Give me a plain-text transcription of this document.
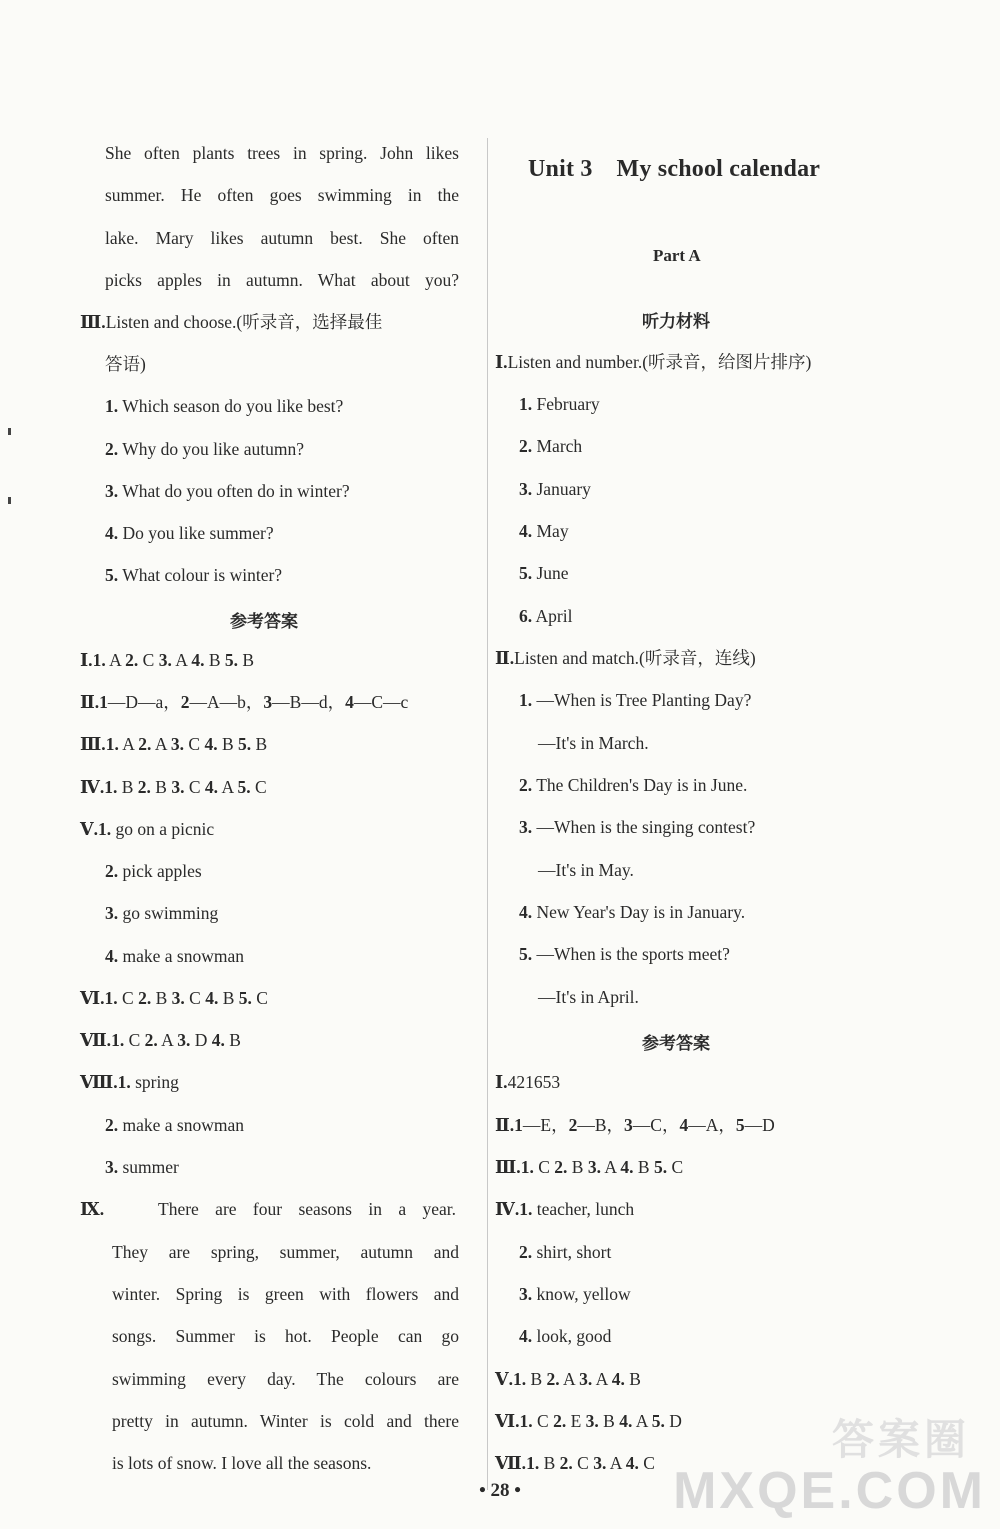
She often plants trees in spring. John likes
summer. He often goes swimming in the
lake. Mary likes autumn best. She often
picks apples in autumn. What about you?
Ⅲ.Listen and choose.(听录音，选择最佳
答语)
1. Which season do you like best?
2. Why do you like autumn?
3. What do you often do in winter?
4. Do you like summer?
5. What colour is winter?
参考答案
Ⅰ.1. A 2. C 3. A 4. B 5. B
Ⅱ.1—D—a，2—A—b，3—B—d，4—C—c
Ⅲ.1. A 2. A 3. C 4. B 5. B
Ⅳ.1. B 2. B 3. C 4. A 5. C
Ⅴ.1. go on a picnic
2. pick apples
3. go swimming
4. make a snowman
Ⅵ.1. C 2. B 3. C 4. B 5. C
Ⅶ.1. C 2. A 3. D 4. B
Ⅷ.1. spring
2. make a snowman
3. summer
Ⅸ.	There are four seasons in a year.
They are spring, summer, autumn and
winter. Spring is green with flowers and
songs. Summer is hot. People can go
swimming every day. The colours are
pretty in autumn. Winter is cold and there
is lots of snow. I love all the seasons.
Unit 3 My school calendar
Part A
听力材料
Ⅰ.Listen and number.(听录音，给图片排序)
1. February
2. March
3. January
4. May
5. June
6. April
Ⅱ.Listen and match.(听录音，连线)
1. —When is Tree Planting Day?
—It's in March.
2. The Children's Day is in June.
3. —When is the singing contest?
—It's in May.
4. New Year's Day is in January.
5. —When is the sports meet?
—It's in April.
参考答案
Ⅰ.421653
Ⅱ.1—E，2—B，3—C，4—A，5—D
Ⅲ.1. C 2. B 3. A 4. B 5. C
Ⅳ.1. teacher, lunch
2. shirt, short
3. know, yellow
4. look, good
Ⅴ.1. B 2. A 3. A 4. B
Ⅵ.1. C 2. E 3. B 4. A 5. D
Ⅶ.1. B 2. C 3. A 4. C
• 28 •
答案圈
MXQE.COM
